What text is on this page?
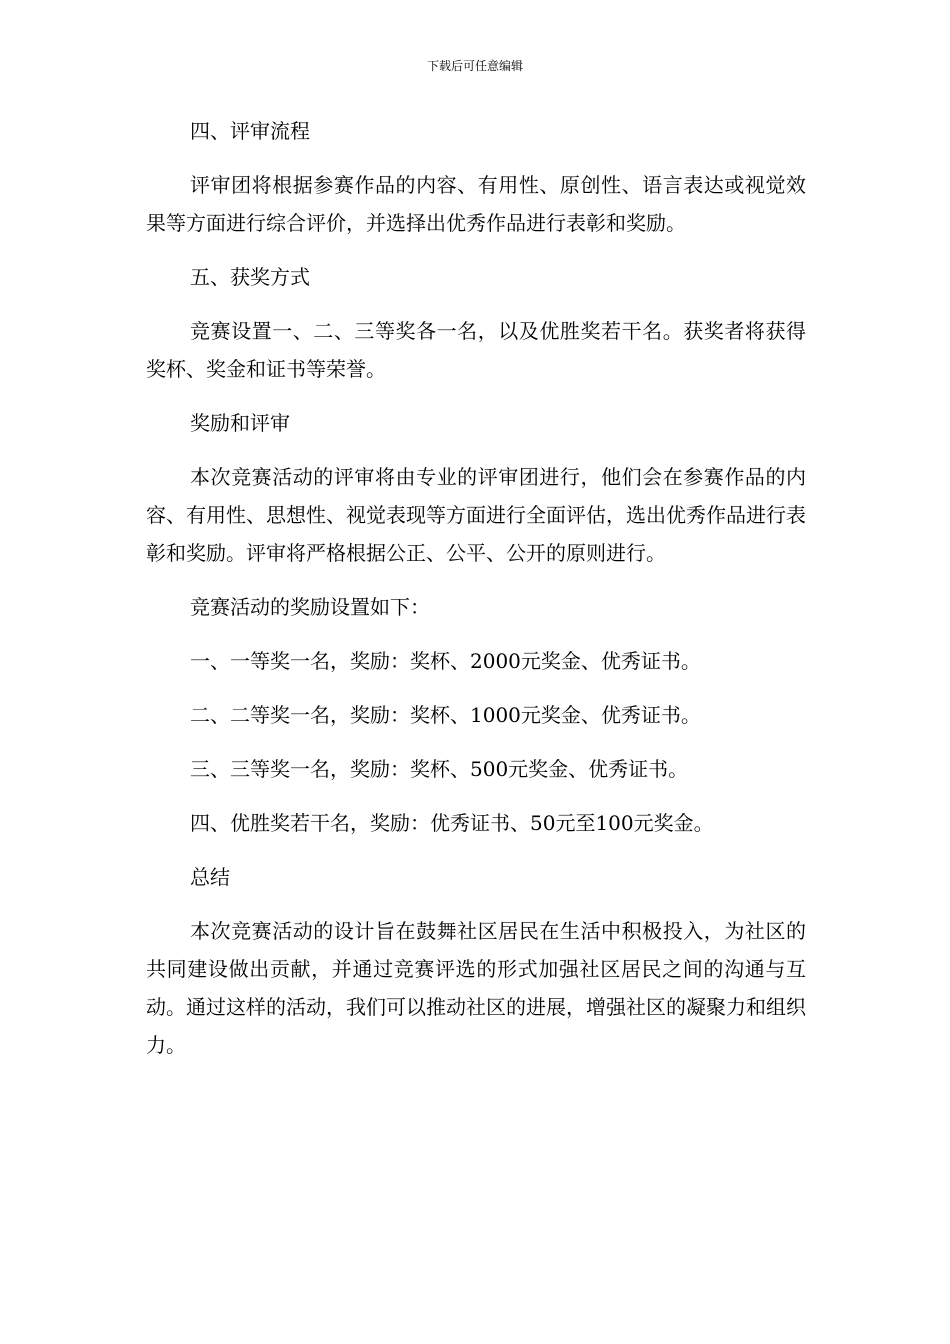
下载后可任意编辑

四、评审流程

评审团将根据参赛作品的内容、有用性、原创性、语言表达或视觉效果等方面进行综合评价，并选择出优秀作品进行表彰和奖励。

五、获奖方式

竞赛设置一、二、三等奖各一名，以及优胜奖若干名。获奖者将获得奖杯、奖金和证书等荣誉。

奖励和评审

本次竞赛活动的评审将由专业的评审团进行，他们会在参赛作品的内容、有用性、思想性、视觉表现等方面进行全面评估，选出优秀作品进行表彰和奖励。评审将严格根据公正、公平、公开的原则进行。

竞赛活动的奖励设置如下：

一、一等奖一名，奖励：奖杯、2000元奖金、优秀证书。

二、二等奖一名，奖励：奖杯、1000元奖金、优秀证书。

三、三等奖一名，奖励：奖杯、500元奖金、优秀证书。

四、优胜奖若干名，奖励：优秀证书、50元至100元奖金。

总结

本次竞赛活动的设计旨在鼓舞社区居民在生活中积极投入，为社区的共同建设做出贡献，并通过竞赛评选的形式加强社区居民之间的沟通与互动。通过这样的活动，我们可以推动社区的进展，增强社区的凝聚力和组织力。
